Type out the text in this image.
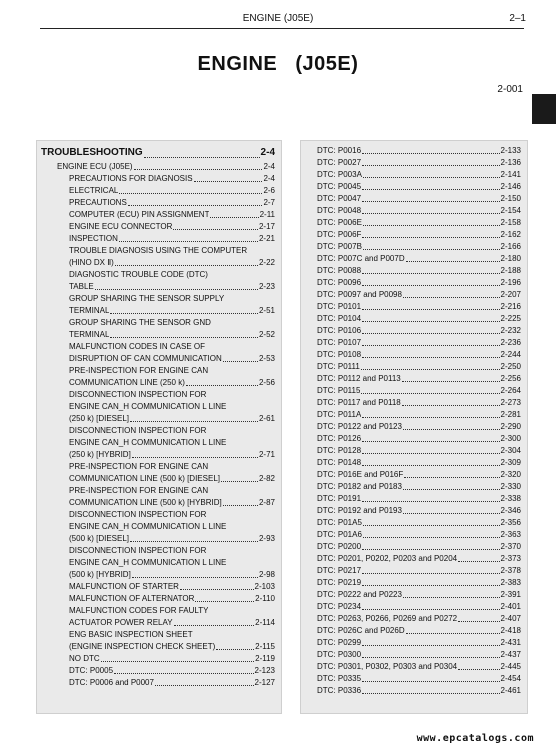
ENGINE (J05E)	2–1
ENGINE   (J05E)
2-001
TROUBLESHOOTING	2-4
ENGINE ECU (J05E)	2-4
PRECAUTIONS FOR DIAGNOSIS	2-4
ELECTRICAL	2-6
PRECAUTIONS	2-7
COMPUTER (ECU) PIN ASSIGNMENT	2-11
ENGINE ECU CONNECTOR	2-17
INSPECTION	2-21
TROUBLE DIAGNOSIS USING THE COMPUTER
(HINO DX Ⅱ)	2-22
DIAGNOSTIC TROUBLE CODE (DTC)
TABLE	2-23
GROUP SHARING THE SENSOR SUPPLY
TERMINAL	2-51
GROUP SHARING THE SENSOR GND
TERMINAL	2-52
MALFUNCTION CODES IN CASE OF
DISRUPTION OF CAN COMMUNICATION	2-53
PRE-INSPECTION FOR ENGINE CAN
COMMUNICATION LINE (250 k)	2-56
DISCONNECTION INSPECTION FOR
ENGINE CAN_H COMMUNICATION L LINE
(250 k) [DIESEL]	2-61
DISCONNECTION INSPECTION FOR
ENGINE CAN_H COMMUNICATION L LINE
(250 k) [HYBRID]	2-71
PRE-INSPECTION FOR ENGINE CAN
COMMUNICATION LINE (500 k) [DIESEL]	2-82
PRE-INSPECTION FOR ENGINE CAN
COMMUNICATION LINE (500 k) [HYBRID]	2-87
DISCONNECTION INSPECTION FOR
ENGINE CAN_H COMMUNICATION L LINE
(500 k) [DIESEL]	2-93
DISCONNECTION INSPECTION FOR
ENGINE CAN_H COMMUNICATION L LINE
(500 k) [HYBRID]	2-98
MALFUNCTION OF STARTER	2-103
MALFUNCTION OF ALTERNATOR	2-110
MALFUNCTION CODES FOR FAULTY
ACTUATOR POWER RELAY	2-114
ENG BASIC INSPECTION SHEET
(ENGINE INSPECTION CHECK SHEET)	2-115
NO DTC	2-119
DTC: P0005	2-123
DTC: P0006 and P0007	2-127
DTC: P0016	2-133
DTC: P0027	2-136
DTC: P003A	2-141
DTC: P0045	2-146
DTC: P0047	2-150
DTC: P0048	2-154
DTC: P006E	2-158
DTC: P006F	2-162
DTC: P007B	2-166
DTC: P007C and P007D	2-180
DTC: P0088	2-188
DTC: P0096	2-196
DTC: P0097 and P0098	2-207
DTC: P0101	2-216
DTC: P0104	2-225
DTC: P0106	2-232
DTC: P0107	2-236
DTC: P0108	2-244
DTC: P0111	2-250
DTC: P0112 and P0113	2-256
DTC: P0115	2-264
DTC: P0117 and P0118	2-273
DTC: P011A	2-281
DTC: P0122 and P0123	2-290
DTC: P0126	2-300
DTC: P0128	2-304
DTC: P0148	2-309
DTC: P016E and P016F	2-320
DTC: P0182 and P0183	2-330
DTC: P0191	2-338
DTC: P0192 and P0193	2-346
DTC: P01A5	2-356
DTC: P01A6	2-363
DTC: P0200	2-370
DTC: P0201, P0202, P0203 and P0204	2-373
DTC: P0217	2-378
DTC: P0219	2-383
DTC: P0222 and P0223	2-391
DTC: P0234	2-401
DTC: P0263, P0266, P0269 and P0272	2-407
DTC: P026C and P026D	2-418
DTC: P0299	2-431
DTC: P0300	2-437
DTC: P0301, P0302, P0303 and P0304	2-445
DTC: P0335	2-454
DTC: P0336	2-461
www.epcatalogs.com
